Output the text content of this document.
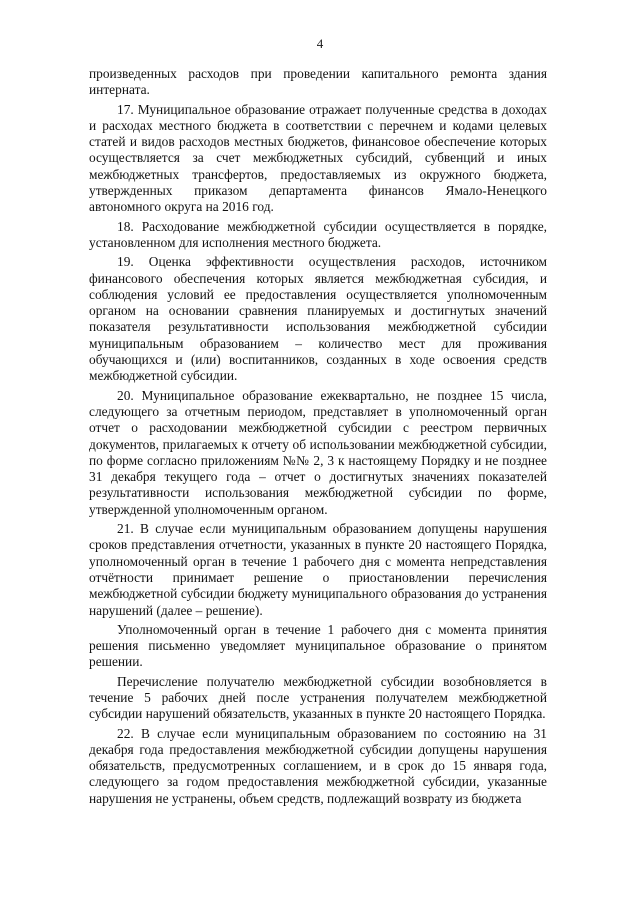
4

произведенных расходов при проведении капитального ремонта здания интерната.

17. Муниципальное образование отражает полученные средства в доходах и расходах местного бюджета в соответствии с перечнем и кодами целевых статей и видов расходов местных бюджетов, финансовое обеспечение которых осуществляется за счет межбюджетных субсидий, субвенций и иных межбюджетных трансфертов, предоставляемых из окружного бюджета, утвержденных приказом департамента финансов Ямало-Ненецкого автономного округа на 2016 год.

18. Расходование межбюджетной субсидии осуществляется в порядке, установленном для исполнения местного бюджета.

19. Оценка эффективности осуществления расходов, источником финансового обеспечения которых является межбюджетная субсидия, и соблюдения условий ее предоставления осуществляется уполномоченным органом на основании сравнения планируемых и достигнутых значений показателя результативности использования межбюджетной субсидии муниципальным образованием – количество мест для проживания обучающихся и (или) воспитанников, созданных в ходе освоения средств межбюджетной субсидии.

20. Муниципальное образование ежеквартально, не позднее 15 числа, следующего за отчетным периодом, представляет в уполномоченный орган отчет о расходовании межбюджетной субсидии с реестром первичных документов, прилагаемых к отчету об использовании межбюджетной субсидии, по форме согласно приложениям №№ 2, 3 к настоящему Порядку и не позднее 31 декабря текущего года – отчет о достигнутых значениях показателей результативности использования межбюджетной субсидии по форме, утвержденной уполномоченным органом.

21. В случае если муниципальным образованием допущены нарушения сроков представления отчетности, указанных в пункте 20 настоящего Порядка, уполномоченный орган в течение 1 рабочего дня с момента непредставления отчётности принимает решение о приостановлении перечисления межбюджетной субсидии бюджету муниципального образования до устранения нарушений (далее – решение).

Уполномоченный орган в течение 1 рабочего дня с момента принятия решения письменно уведомляет муниципальное образование о принятом решении.

Перечисление получателю межбюджетной субсидии возобновляется в течение 5 рабочих дней после устранения получателем межбюджетной субсидии нарушений обязательств, указанных в пункте 20 настоящего Порядка.

22. В случае если муниципальным образованием по состоянию на 31 декабря года предоставления межбюджетной субсидии допущены нарушения обязательств, предусмотренных соглашением, и в срок до 15 января года, следующего за годом предоставления межбюджетной субсидии, указанные нарушения не устранены, объем средств, подлежащий возврату из бюджета
